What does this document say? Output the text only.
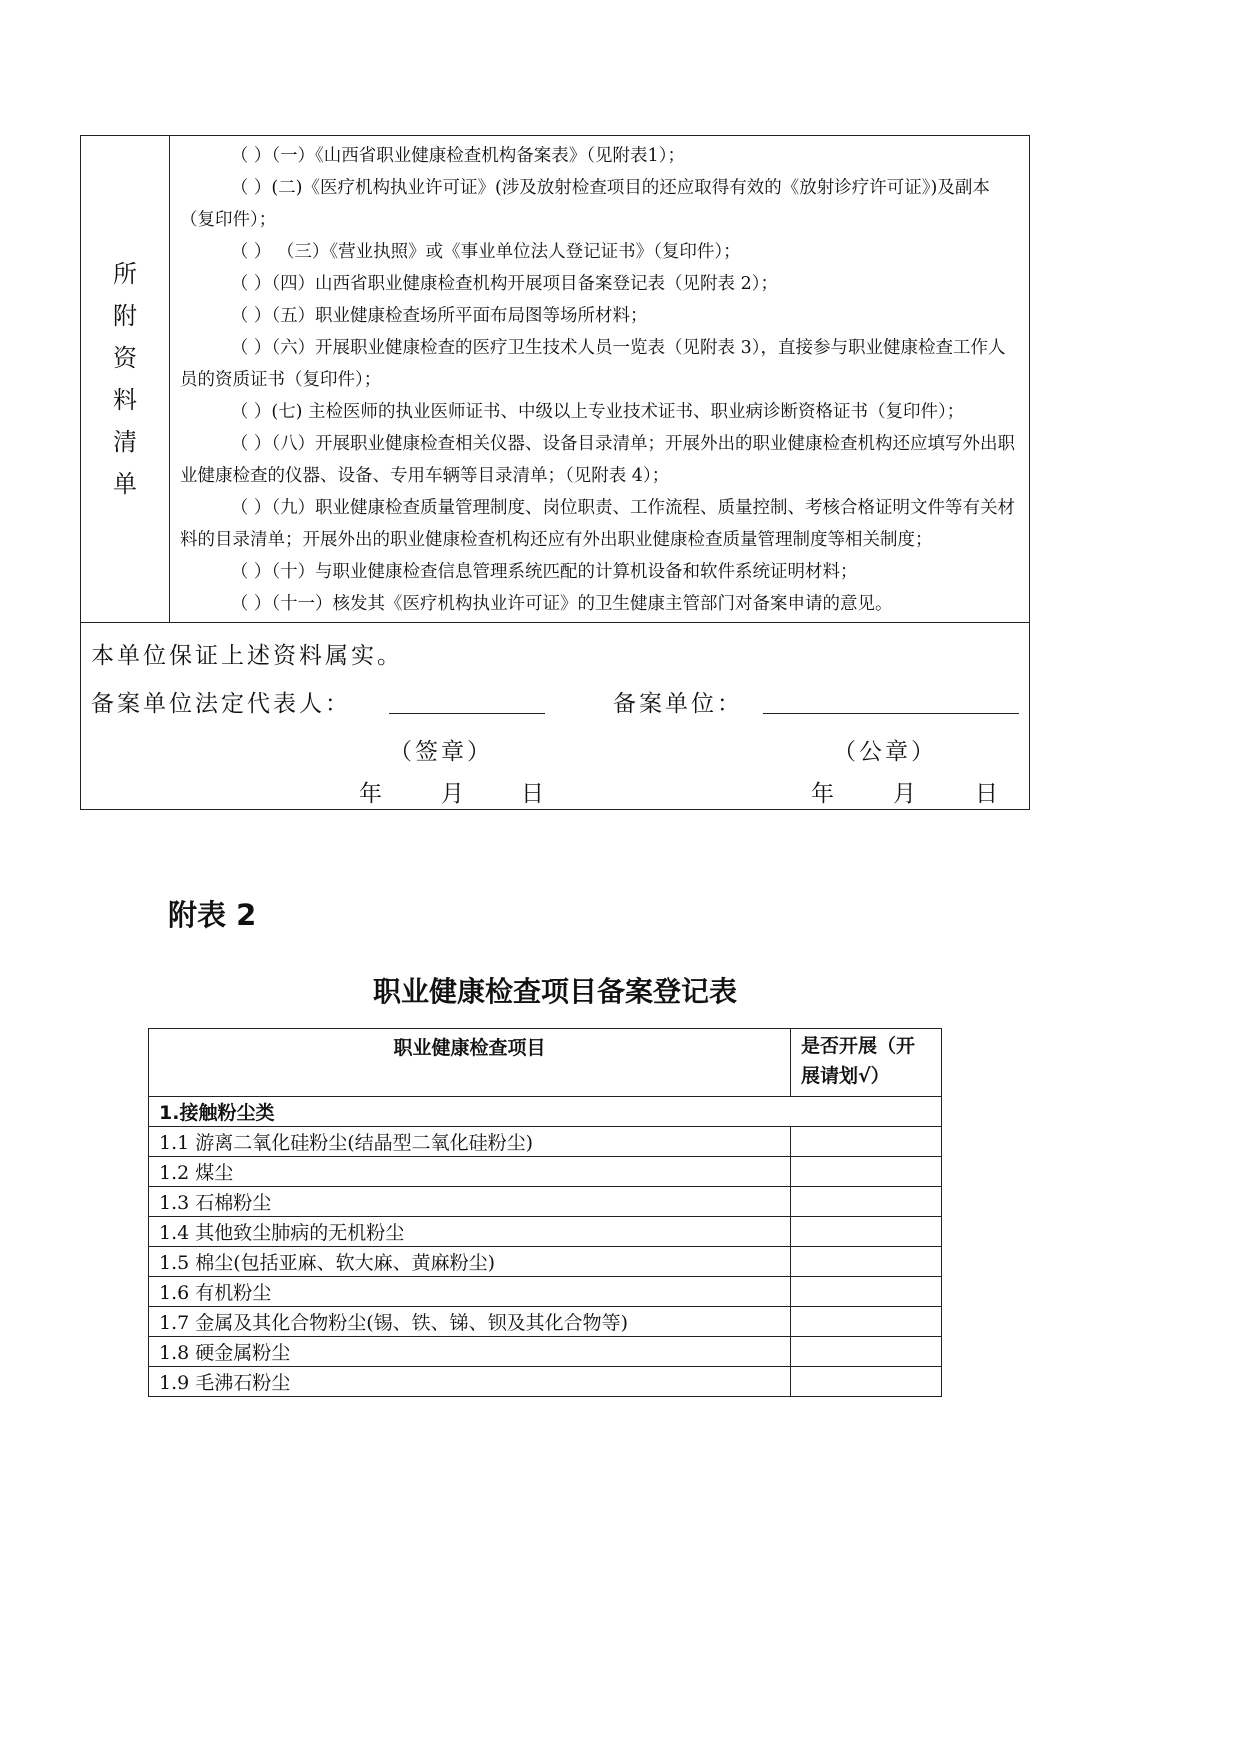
所
附
资
料
清
单

（ ）（一）《山西省职业健康检查机构备案表》（见附表1）；

（ ）(二)《医疗机构执业许可证》(涉及放射检查项目的还应取得有效的《放射诊疗许可证》)及副本（复印件）；

（ ） （三）《营业执照》或《事业单位法人登记证书》（复印件）；

（ ）（四）山西省职业健康检查机构开展项目备案登记表（见附表 2）；

（ ）（五）职业健康检查场所平面布局图等场所材料；

（ ）（六）开展职业健康检查的医疗卫生技术人员一览表（见附表 3），直接参与职业健康检查工作人员的资质证书（复印件）；

（ ）(七) 主检医师的执业医师证书、中级以上专业技术证书、职业病诊断资格证书（复印件）；

（ ）（八）开展职业健康检查相关仪器、设备目录清单；开展外出的职业健康检查机构还应填写外出职业健康检查的仪器、设备、专用车辆等目录清单；（见附表 4）；

（ ）（九）职业健康检查质量管理制度、岗位职责、工作流程、质量控制、考核合格证明文件等有关材料的目录清单；开展外出的职业健康检查机构还应有外出职业健康检查质量管理制度等相关制度；

（ ）（十）与职业健康检查信息管理系统匹配的计算机设备和软件系统证明材料；

（ ）（十一）核发其《医疗机构执业许可证》的卫生健康主管部门对备案申请的意见。

本单位保证上述资料属实。
备案单位法定代表人：	备案单位：
（签章）	（公章）
年 月 日	年 月 日
附表 2
职业健康检查项目备案登记表
职业健康检查项目	是否开展（开展请划√）
1.接触粉尘类	
1.1 游离二氧化硅粉尘(结晶型二氧化硅粉尘)	
1.2 煤尘	
1.3 石棉粉尘	
1.4 其他致尘肺病的无机粉尘	
1.5 棉尘(包括亚麻、软大麻、黄麻粉尘)	
1.6 有机粉尘	
1.7 金属及其化合物粉尘(锡、铁、锑、钡及其化合物等)	
1.8 硬金属粉尘	
1.9 毛沸石粉尘	
